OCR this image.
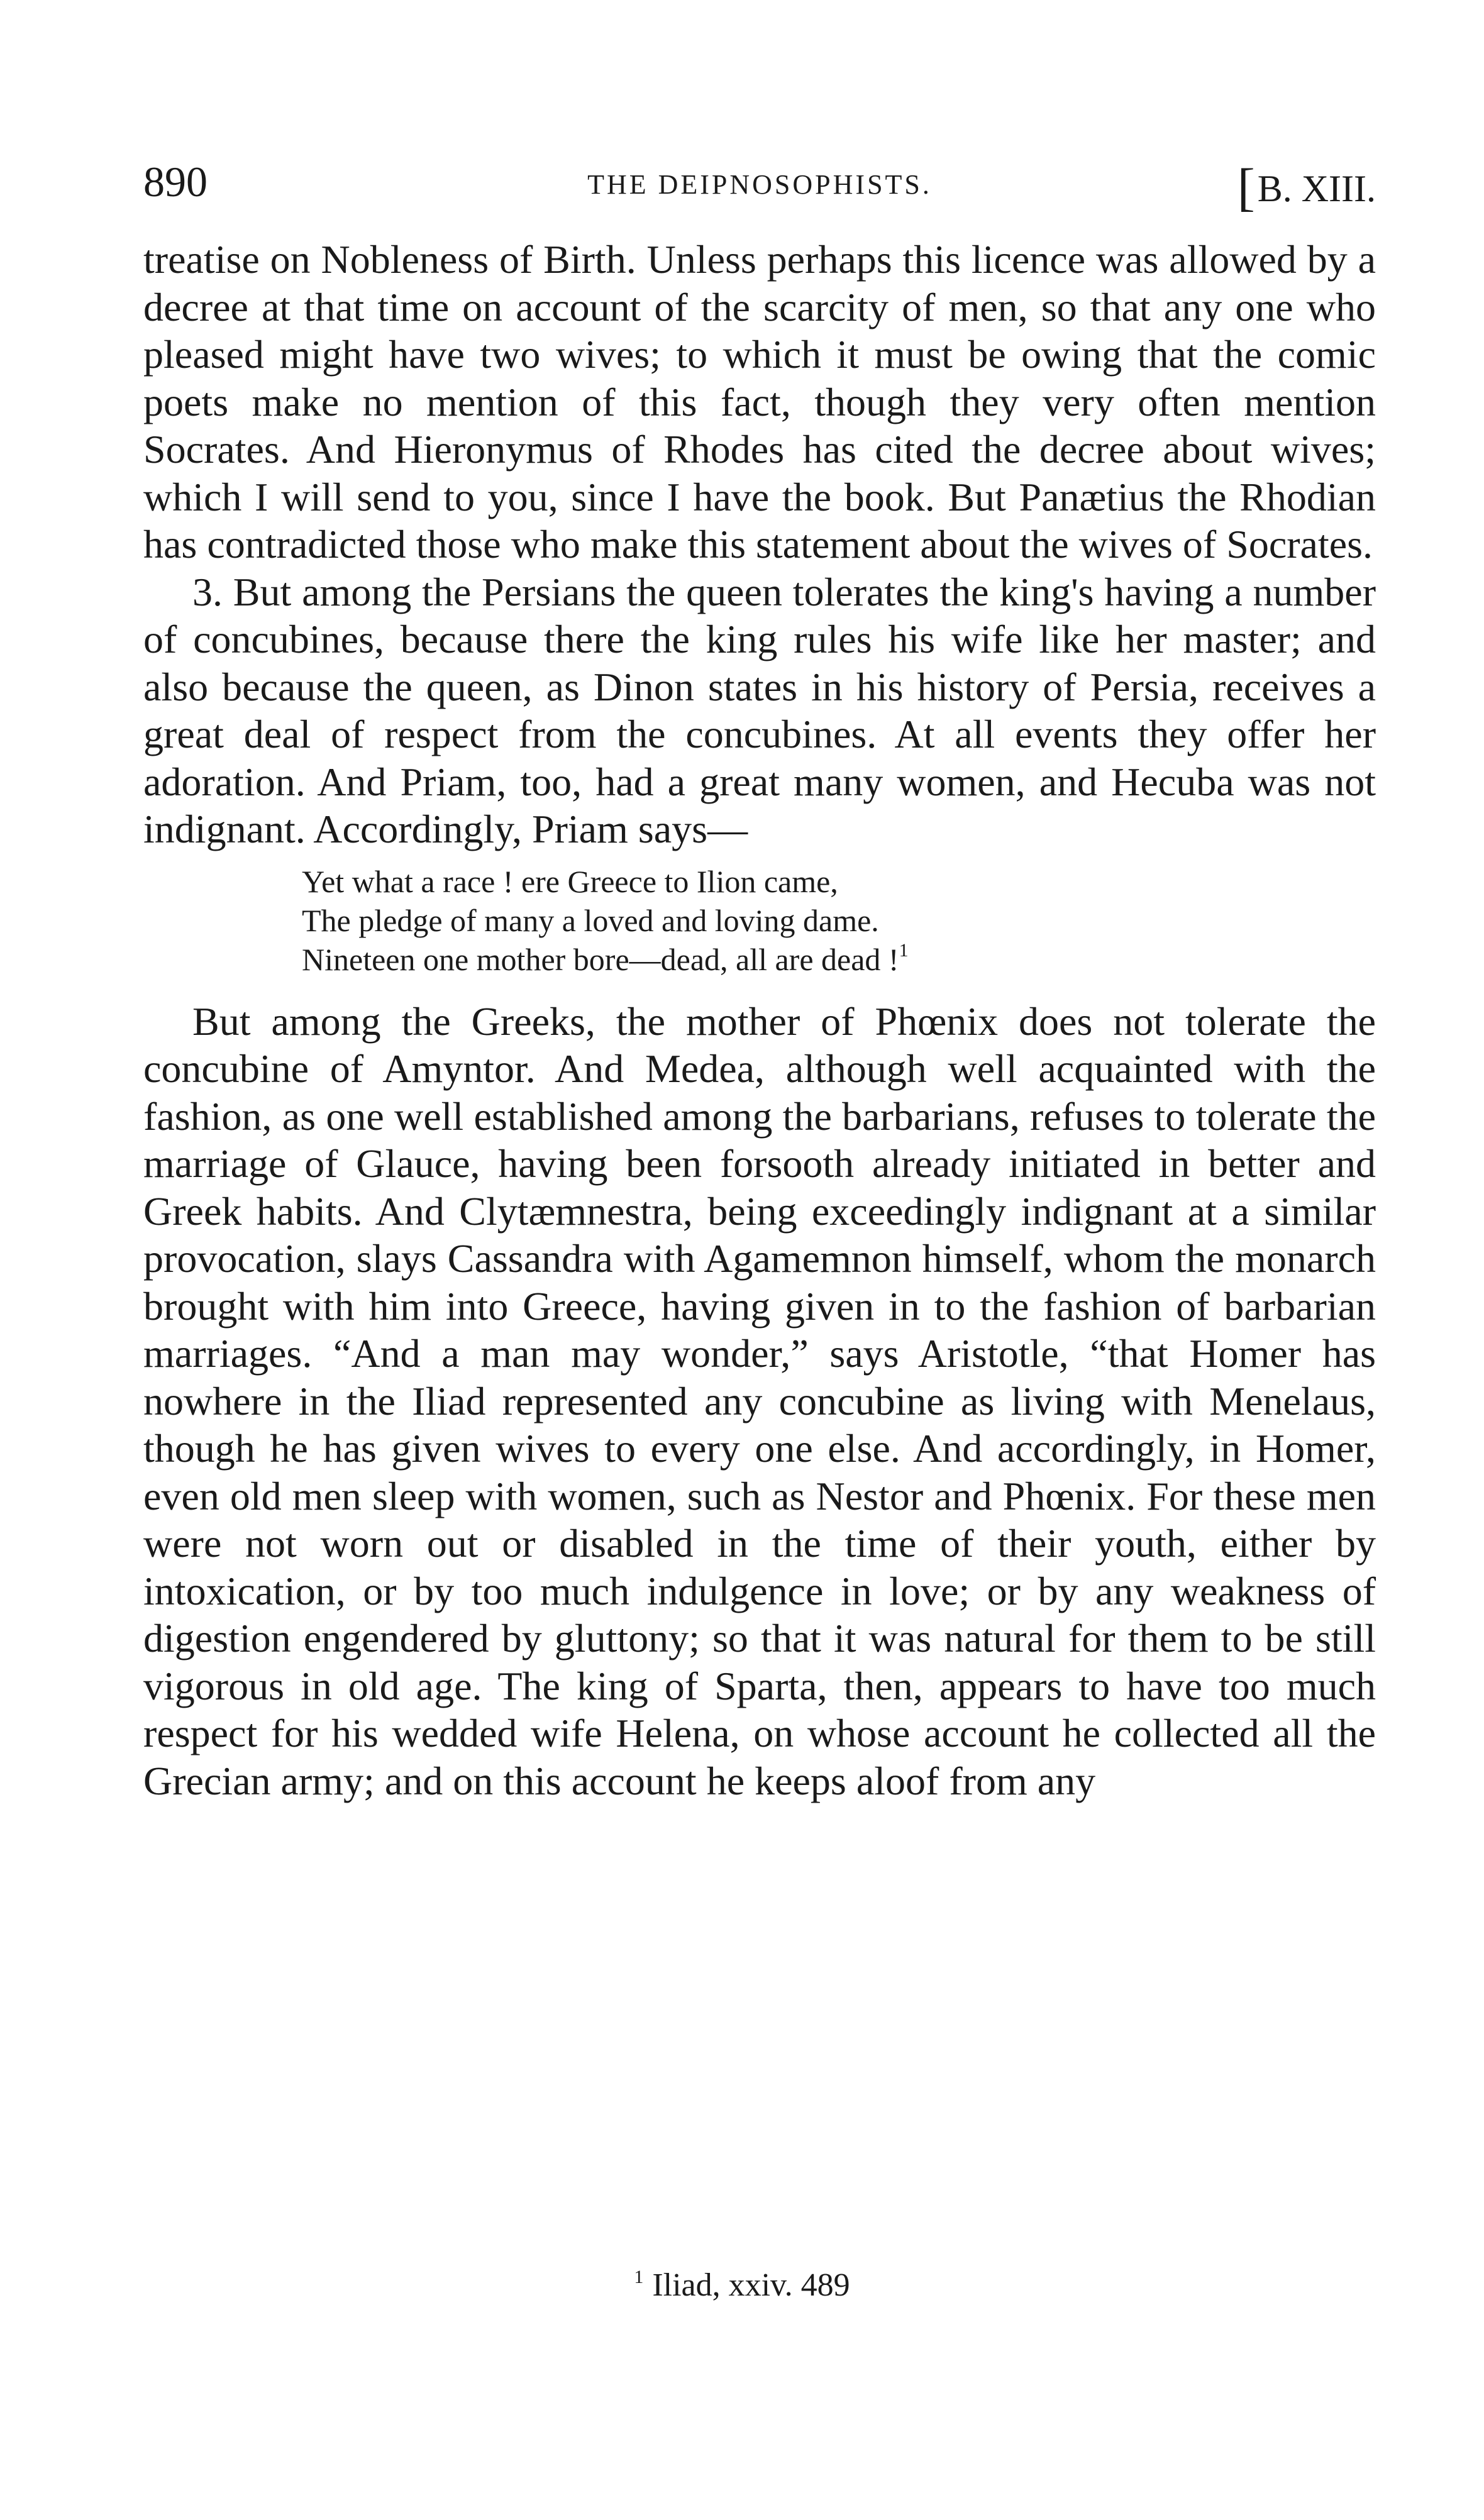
890	THE DEIPNOSOPHISTS.	[B. XIII.

treatise on Nobleness of Birth. Unless perhaps this licence was allowed by a decree at that time on account of the scarcity of men, so that any one who pleased might have two wives; to which it must be owing that the comic poets make no mention of this fact, though they very often mention Socrates. And Hieronymus of Rhodes has cited the decree about wives; which I will send to you, since I have the book. But Panætius the Rhodian has contradicted those who make this statement about the wives of Socrates.

3. But among the Persians the queen tolerates the king's having a number of concubines, because there the king rules his wife like her master; and also because the queen, as Dinon states in his history of Persia, receives a great deal of respect from the concubines. At all events they offer her adoration. And Priam, too, had a great many women, and Hecuba was not indignant. Accordingly, Priam says—

Yet what a race ! ere Greece to Ilion came,
The pledge of many a loved and loving dame.
Nineteen one mother bore—dead, all are dead !$^1$

But among the Greeks, the mother of Phœnix does not tolerate the concubine of Amyntor. And Medea, although well acquainted with the fashion, as one well established among the barbarians, refuses to tolerate the marriage of Glauce, having been forsooth already initiated in better and Greek habits. And Clytæmnestra, being exceedingly indignant at a similar provocation, slays Cassandra with Agamemnon himself, whom the monarch brought with him into Greece, having given in to the fashion of barbarian marriages. “And a man may wonder,” says Aristotle, “that Homer has nowhere in the Iliad represented any concubine as living with Menelaus, though he has given wives to every one else. And accordingly, in Homer, even old men sleep with women, such as Nestor and Phœnix. For these men were not worn out or disabled in the time of their youth, either by intoxication, or by too much indulgence in love; or by any weakness of digestion engendered by gluttony; so that it was natural for them to be still vigorous in old age. The king of Sparta, then, appears to have too much respect for his wedded wife Helena, on whose account he collected all the Grecian army; and on this account he keeps aloof from any

$^1$ Iliad, xxiv. 489
